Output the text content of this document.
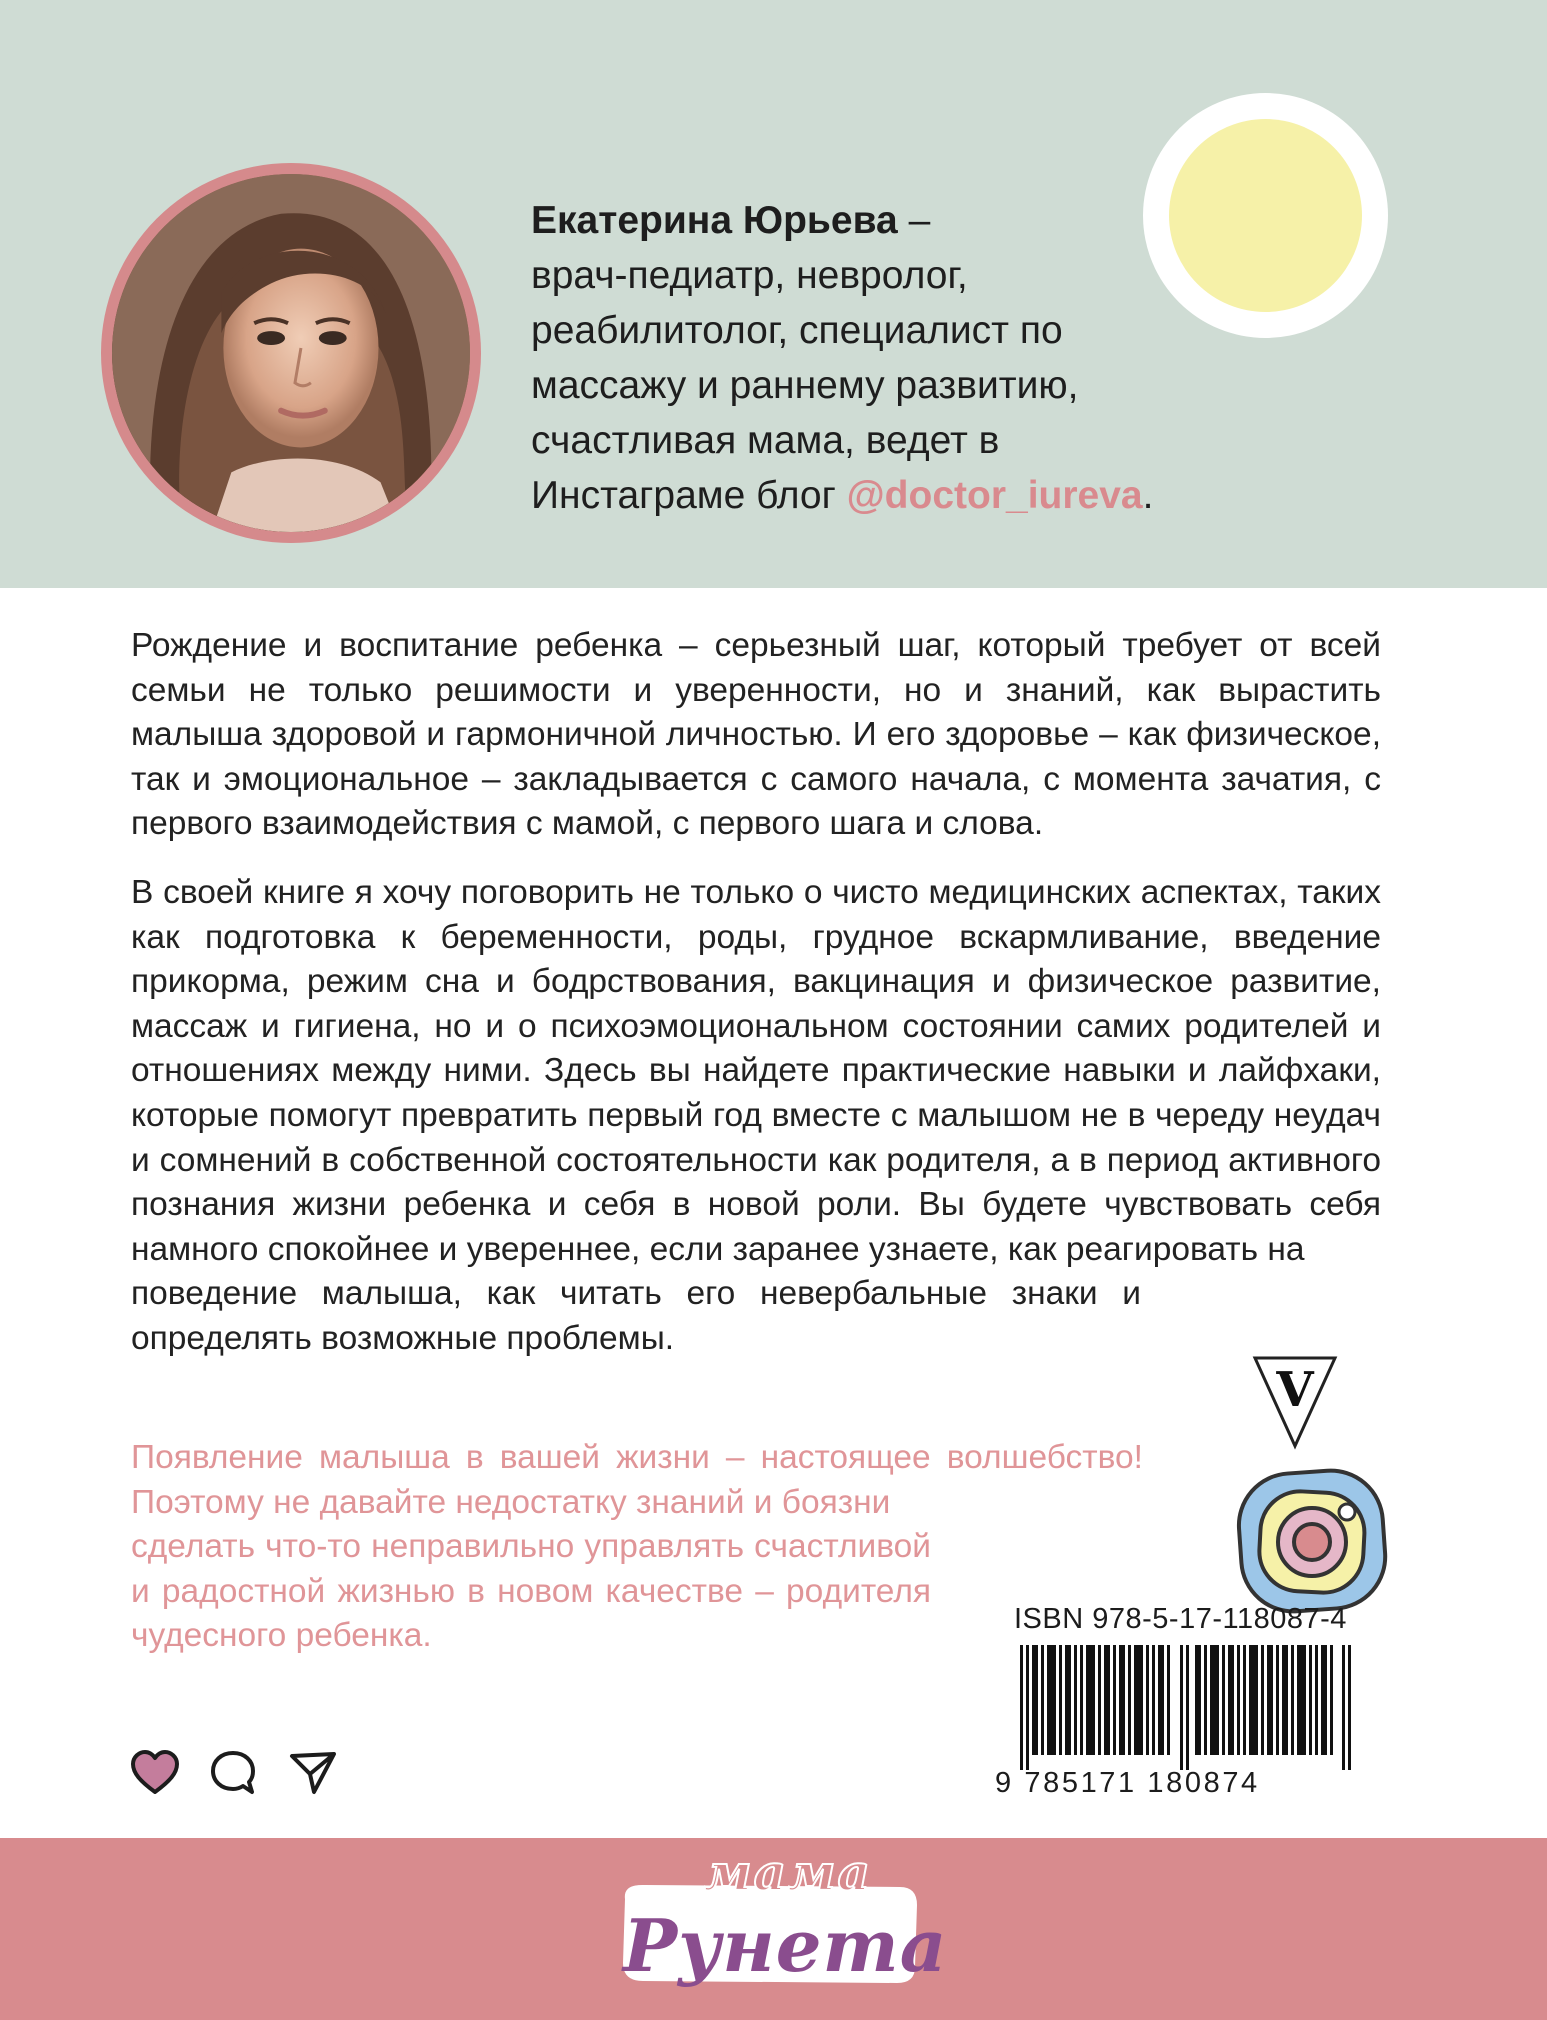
Екатерина Юрьева –
врач-педиатр, невролог,
реабилитолог, специалист по
массажу и раннему развитию,
счастливая мама, ведет в
Инстаграме блог @doctor_iureva.
Рождение и воспитание ребенка – серьезный шаг, который требует от всей семьи не только решимости и уверенности, но и знаний, как вырастить малыша здоровой и гармоничной личностью. И его здоровье – как физическое, так и эмоциональное – закладывается с самого начала, с момента зачатия, с первого взаимодействия с мамой, с первого шага и слова.
В своей книге я хочу поговорить не только о чисто медицинских аспектах, таких как подготовка к беременности, роды, грудное вскармливание, введение прикорма, режим сна и бодрствования, вакцинация и физическое развитие, массаж и гигиена, но и о психоэмоциональном состоянии самих родителей и отношениях между ними. Здесь вы найдете практические навыки и лайфхаки, которые помогут превратить первый год вместе с малышом не в череду неудач и сомнений в собственной состоятельности как родителя, а в период активного познания жизни ребенка и себя в новой роли. Вы будете чувствовать себя намного спокойнее и увереннее, если заранее узнаете, как реагировать на
поведение малыша, как читать его невербальные знаки и определять возможные проблемы.
Появление малыша в вашей жизни – настоящее волшебство! Поэтому не давайте недостатку знаний и боязни
сделать что-то неправильно управлять счастливой и радостной жизнью в новом качестве – родителя чудесного ребенка.
V
ISBN 978-5-17-118087-4
9 785171 180874
мама
Рунета
